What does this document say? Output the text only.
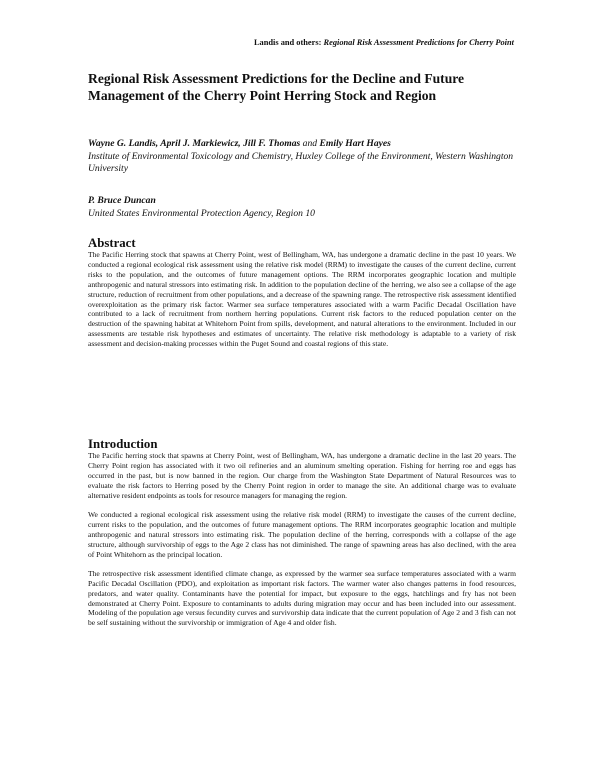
Landis and others: Regional Risk Assessment Predictions for Cherry Point
Regional Risk Assessment Predictions for the Decline and Future Management of the Cherry Point Herring Stock and Region
Wayne G. Landis, April J. Markiewicz, Jill F. Thomas and Emily Hart Hayes
Institute of Environmental Toxicology and Chemistry, Huxley College of the Environment, Western Washington University
P. Bruce Duncan
United States Environmental Protection Agency, Region 10
Abstract

The Pacific Herring stock that spawns at Cherry Point, west of Bellingham, WA, has undergone a dramatic decline in the past 10 years. We conducted a regional ecological risk assessment using the relative risk model (RRM) to investigate the causes of the current decline, current risks to the population, and the outcomes of future management options. The RRM incorporates geographic location and multiple anthropogenic and natural stressors into estimating risk. In addition to the population decline of the herring, we also see a collapse of the age structure, reduction of recruitment from other populations, and a decrease of the spawning range. The retrospective risk assessment identified overexploitation as the primary risk factor. Warmer sea surface temperatures associated with a warm Pacific Decadal Oscillation have contributed to a lack of recruitment from northern herring populations. Current risk factors to the reduced population center on the destruction of the spawning habitat at Whitehorn Point from spills, development, and natural alterations to the environment. Included in our assessments are testable risk hypotheses and estimates of uncertainty. The relative risk methodology is adaptable to a variety of risk assessment and decision-making processes within the Puget Sound and coastal regions of this state.

Introduction

The Pacific herring stock that spawns at Cherry Point, west of Bellingham, WA, has undergone a dramatic decline in the last 20 years. The Cherry Point region has associated with it two oil refineries and an aluminum smelting operation. Fishing for herring roe and eggs has occurred in the past, but is now banned in the region. Our charge from the Washington State Department of Natural Resources was to evaluate the risk factors to Herring posed by the Cherry Point region in order to manage the site. An additional charge was to evaluate alternative resident endpoints as tools for resource managers for managing the region.

We conducted a regional ecological risk assessment using the relative risk model (RRM) to investigate the causes of the current decline, current risks to the population, and the outcomes of future management options. The RRM incorporates geographic location and multiple anthropogenic and natural stressors into estimating risk. The population decline of the herring, corresponds with a collapse of the age structure, although survivorship of eggs to the Age 2 class has not diminished. The range of spawning areas has also declined, with the area of Point Whitehorn as the principal location.

The retrospective risk assessment identified climate change, as expressed by the warmer sea surface temperatures associated with a warm Pacific Decadal Oscillation (PDO), and exploitation as important risk factors. The warmer water also changes patterns in food resources, predators, and water quality. Contaminants have the potential for impact, but exposure to the eggs, hatchlings and fry has not been demonstrated at Cherry Point. Exposure to contaminants to adults during migration may occur and has been included into our assessment. Modeling of the population age versus fecundity curves and survivorship data indicate that the current population of Age 2 and 3 fish can not be self sustaining without the survivorship or immigration of Age 4 and older fish.
